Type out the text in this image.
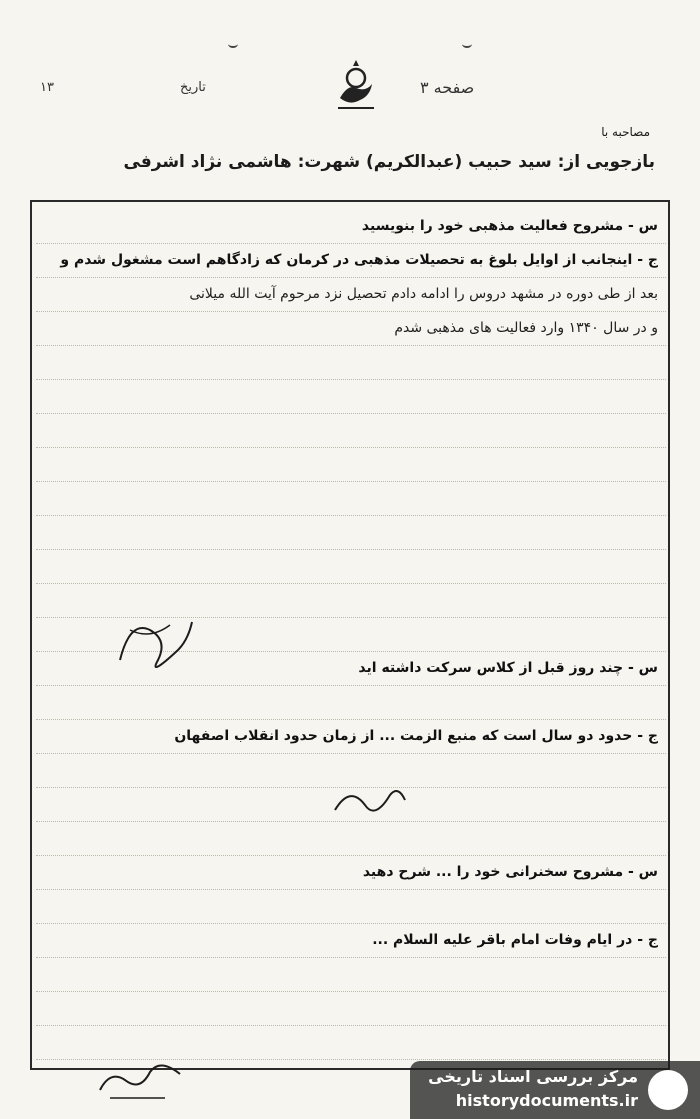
۱۳	تاریخ	صفحه ۳
مصاحبه با
بازجویی از: سید حبیب (عبدالکریم) شهرت: هاشمی نژاد اشرفی
س - مشروح فعالیت مذهبی خود را بنویسید
ج - اینجانب از اوایل بلوغ به تحصیلات مذهبی در کرمان که زادگاهم است مشغول شدم و
بعد از طی دوره در مشهد دروس را ادامه دادم تحصیل نزد مرحوم آیت الله میلانی
و در سال ۱۳۴۰ وارد فعالیت های مذهبی شدم
س - چند روز قبل از کلاس سرکت داشته اید
ج - حدود دو سال است که منبع الزمت ... از زمان حدود انقلاب اصفهان
س - مشروح سخنرانی خود را ... شرح دهید
ج - در ایام وفات امام باقر علیه السلام ...
مرکز بررسی اسناد تاریخی
historydocuments.ir
